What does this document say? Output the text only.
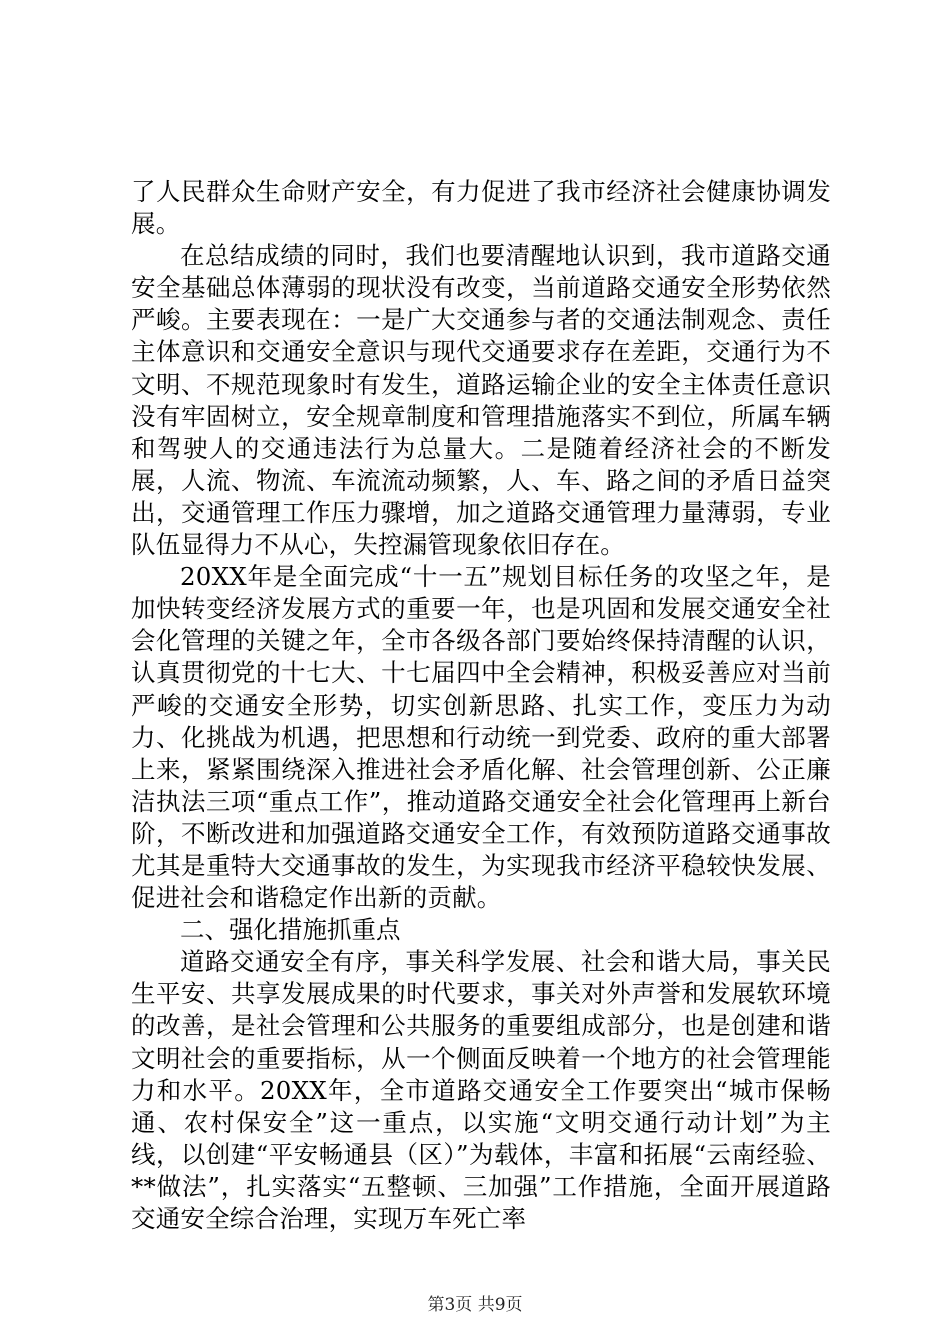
了人民群众生命财产安全，有力促进了我市经济社会健康协调发展。

在总结成绩的同时，我们也要清醒地认识到，我市道路交通安全基础总体薄弱的现状没有改变，当前道路交通安全形势依然严峻。主要表现在：一是广大交通参与者的交通法制观念、责任主体意识和交通安全意识与现代交通要求存在差距，交通行为不文明、不规范现象时有发生，道路运输企业的安全主体责任意识没有牢固树立，安全规章制度和管理措施落实不到位，所属车辆和驾驶人的交通违法行为总量大。二是随着经济社会的不断发展，人流、物流、车流流动频繁，人、车、路之间的矛盾日益突出，交通管理工作压力骤增，加之道路交通管理力量薄弱，专业队伍显得力不从心，失控漏管现象依旧存在。

20XX年是全面完成“十一五”规划目标任务的攻坚之年，是加快转变经济发展方式的重要一年，也是巩固和发展交通安全社会化管理的关键之年，全市各级各部门要始终保持清醒的认识，认真贯彻党的十七大、十七届四中全会精神，积极妥善应对当前严峻的交通安全形势，切实创新思路、扎实工作，变压力为动力、化挑战为机遇，把思想和行动统一到党委、政府的重大部署上来，紧紧围绕深入推进社会矛盾化解、社会管理创新、公正廉洁执法三项“重点工作”，推动道路交通安全社会化管理再上新台阶，不断改进和加强道路交通安全工作，有效预防道路交通事故尤其是重特大交通事故的发生，为实现我市经济平稳较快发展、促进社会和谐稳定作出新的贡献。

二、强化措施抓重点

道路交通安全有序，事关科学发展、社会和谐大局，事关民生平安、共享发展成果的时代要求，事关对外声誉和发展软环境的改善，是社会管理和公共服务的重要组成部分，也是创建和谐文明社会的重要指标，从一个侧面反映着一个地方的社会管理能力和水平。20XX年，全市道路交通安全工作要突出“城市保畅通、农村保安全”这一重点，以实施“文明交通行动计划”为主线，以创建“平安畅通县（区）”为载体，丰富和拓展“云南经验、**做法”，扎实落实“五整顿、三加强”工作措施，全面开展道路交通安全综合治理，实现万车死亡率

第3页 共9页
